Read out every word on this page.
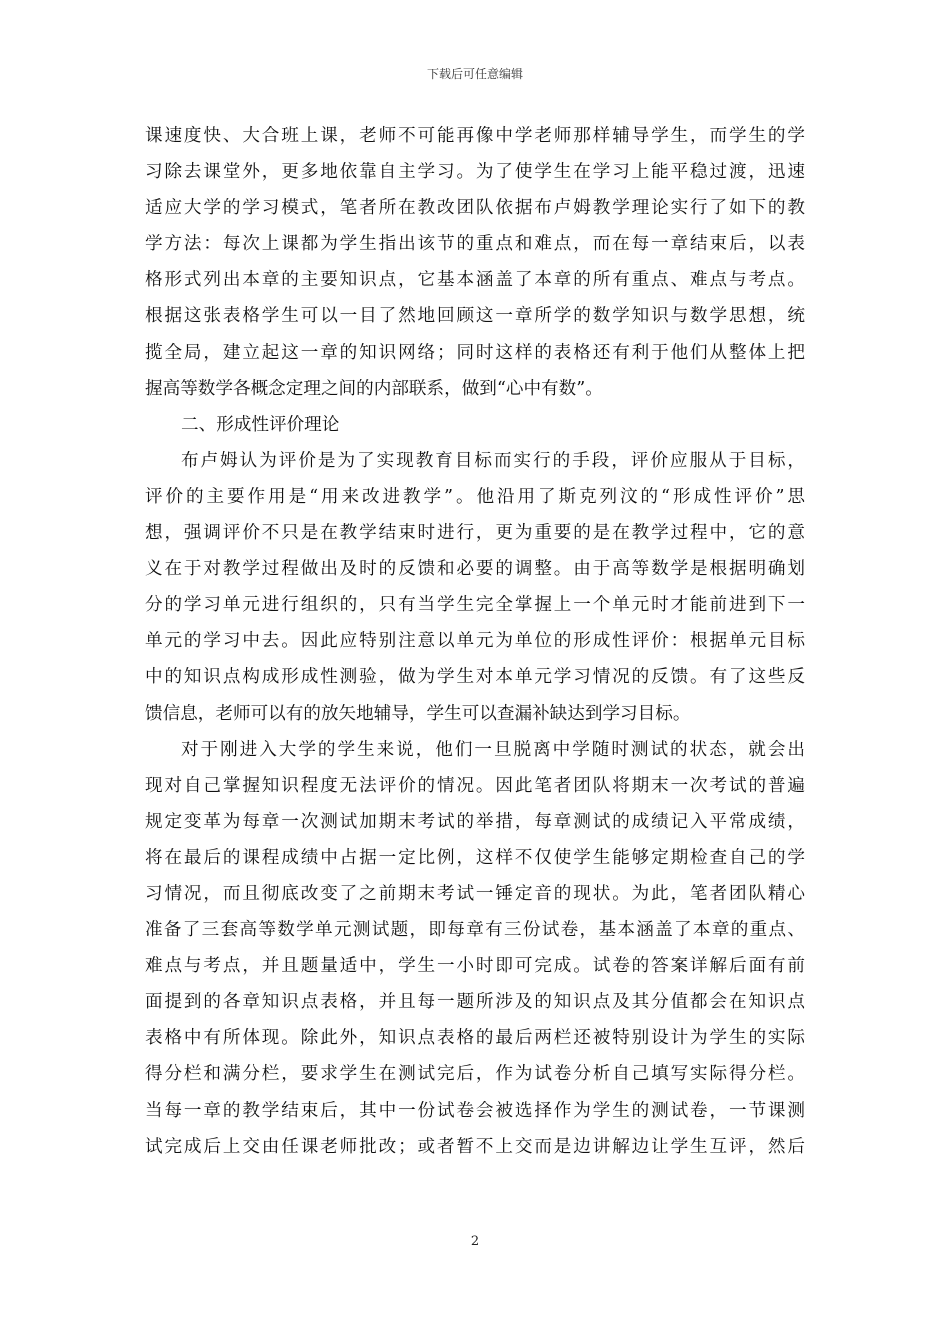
下载后可任意编辑
课速度快、大合班上课，老师不可能再像中学老师那样辅导学生，而学生的学
习除去课堂外，更多地依靠自主学习。为了使学生在学习上能平稳过渡，迅速
适应大学的学习模式，笔者所在教改团队依据布卢姆教学理论实行了如下的教
学方法：每次上课都为学生指出该节的重点和难点，而在每一章结束后，以表
格形式列出本章的主要知识点，它基本涵盖了本章的所有重点、难点与考点。
根据这张表格学生可以一目了然地回顾这一章所学的数学知识与数学思想，统
揽全局，建立起这一章的知识网络；同时这样的表格还有利于他们从整体上把
握高等数学各概念定理之间的内部联系，做到“心中有数”。
二、形成性评价理论
布卢姆认为评价是为了实现教育目标而实行的手段，评价应服从于目标，
评价的主要作用是“用来改进教学”。他沿用了斯克列汶的“形成性评价”思
想，强调评价不只是在教学结束时进行，更为重要的是在教学过程中，它的意
义在于对教学过程做出及时的反馈和必要的调整。由于高等数学是根据明确划
分的学习单元进行组织的，只有当学生完全掌握上一个单元时才能前进到下一
单元的学习中去。因此应特别注意以单元为单位的形成性评价：根据单元目标
中的知识点构成形成性测验，做为学生对本单元学习情况的反馈。有了这些反
馈信息，老师可以有的放矢地辅导，学生可以查漏补缺达到学习目标。
对于刚进入大学的学生来说，他们一旦脱离中学随时测试的状态，就会出
现对自己掌握知识程度无法评价的情况。因此笔者团队将期末一次考试的普遍
规定变革为每章一次测试加期末考试的举措，每章测试的成绩记入平常成绩，
将在最后的课程成绩中占据一定比例，这样不仅使学生能够定期检查自己的学
习情况，而且彻底改变了之前期末考试一锤定音的现状。为此，笔者团队精心
准备了三套高等数学单元测试题，即每章有三份试卷，基本涵盖了本章的重点、
难点与考点，并且题量适中，学生一小时即可完成。试卷的答案详解后面有前
面提到的各章知识点表格，并且每一题所涉及的知识点及其分值都会在知识点
表格中有所体现。除此外，知识点表格的最后两栏还被特别设计为学生的实际
得分栏和满分栏，要求学生在测试完后，作为试卷分析自己填写实际得分栏。
当每一章的教学结束后，其中一份试卷会被选择作为学生的测试卷，一节课测
试完成后上交由任课老师批改；或者暂不上交而是边讲解边让学生互评，然后
2
